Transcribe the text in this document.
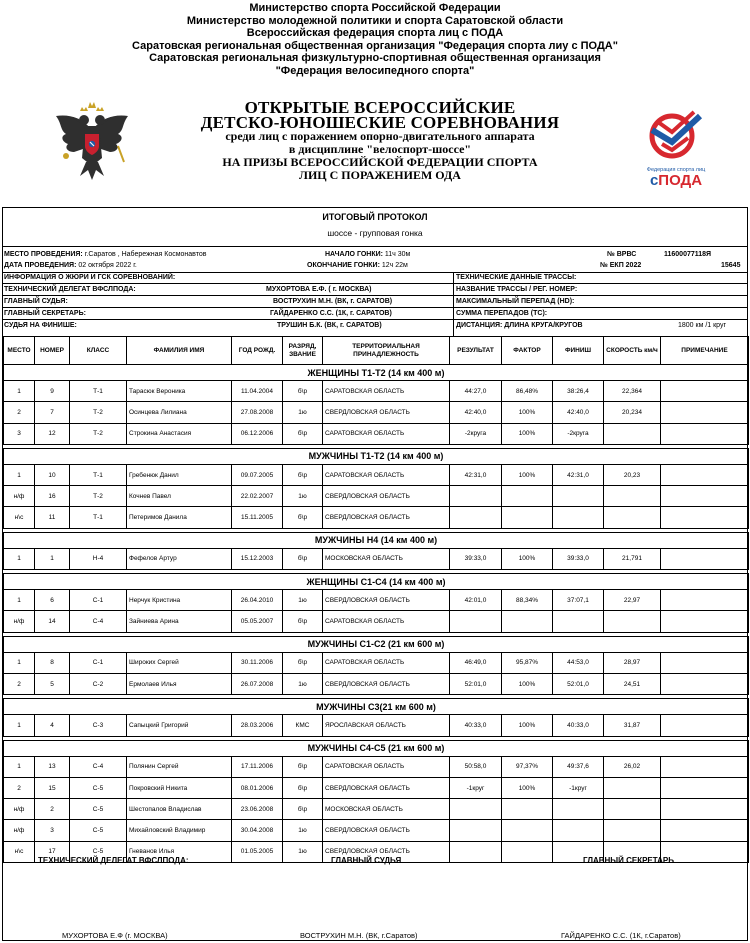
Министерство спорта Российской Федерации
Министерство молодежной политики и спорта Саратовской области
Всероссийская федерация спорта лиц с ПОДА
Саратовская региональная общественная организация "Федерация спорта лиу с ПОДА"
Саратовская региональная физкультурно-спортивная общественная организация
"Федерация велосипедного спорта"
ОТКРЫТЫЕ ВСЕРОССИЙСКИЕ
ДЕТСКО-ЮНОШЕСКИЕ СОРЕВНОВАНИЯ
среди лиц с поражением опорно-двигательного аппарата
в дисциплине "велоспорт-шоссе"
НА ПРИЗЫ ВСЕРОССИЙСКОЙ ФЕДЕРАЦИИ СПОРТА
ЛИЦ С ПОРАЖЕНИЕМ ОДА	Федерация спорта лиц
сПОДА
ИТОГОВЫЙ ПРОТОКОЛ
шоссе - групповая гонка
МЕСТО ПРОВЕДЕНИЯ: г.Саратов , Набережная Космонавтов
ДАТА ПРОВЕДЕНИЯ: 02 октября 2022 г.
НАЧАЛО ГОНКИ: 11ч 30м
ОКОНЧАНИЕ ГОНКИ: 12ч 22м
№ ВРВС	11600077118Я
№ ЕКП 2022	15645
ИНФОРМАЦИЯ О ЖЮРИ И ГСК СОРЕВНОВАНИЙ:	ТЕХНИЧЕСКИЕ ДАННЫЕ ТРАССЫ:
ТЕХНИЧЕСКИЙ ДЕЛЕГАТ ВФСЛПОДА:	МУХОРТОВА Е.Ф. ( г. МОСКВА)	НАЗВАНИЕ ТРАССЫ / РЕГ. НОМЕР:
ГЛАВНЫЙ СУДЬЯ:	ВОСТРУХИН М.Н. (ВК, г. САРАТОВ)	МАКСИМАЛЬНЫЙ ПЕРЕПАД (HD):
ГЛАВНЫЙ СЕКРЕТАРЬ:	ГАЙДАРЕНКО С.С. (1К, г. САРАТОВ)	СУММА ПЕРЕПАДОВ (ТС):
СУДЬЯ НА ФИНИШЕ:	ТРУШИН Б.К. (ВК, г. САРАТОВ)	ДИСТАНЦИЯ: ДЛИНА КРУГА/КРУГОВ	1800 км /1 круг
МЕСТО	НОМЕР	КЛАСС	ФАМИЛИЯ ИМЯ	ГОД РОЖД.	РАЗРЯД, ЗВАНИЕ	ТЕРРИТОРИАЛЬНАЯ ПРИНАДЛЕЖНОСТЬ	РЕЗУЛЬТАТ	ФАКТОР	ФИНИШ	СКОРОСТЬ км/ч	ПРИМЕЧАНИЕ
ЖЕНЩИНЫ Т1-Т2 (14 км 400 м)											
1	9	Т-1	Тарасюк Вероника	11.04.2004	б\р	САРАТОВСКАЯ ОБЛАСТЬ	44:27,0	86,48%	38:26,4	22,364	
2	7	Т-2	Осинцева Лилиана	27.08.2008	1ю	СВЕРДЛОВСКАЯ ОБЛАСТЬ	42:40,0	100%	42:40,0	20,234	
3	12	Т-2	Строкина Анастасия	06.12.2006	б\р	САРАТОВСКАЯ ОБЛАСТЬ	-2круга	100%	-2круга		

МУЖЧИНЫ Т1-Т2 (14 км 400 м)											
1	10	Т-1	Гребенюк Данил	09.07.2005	б\р	САРАТОВСКАЯ ОБЛАСТЬ	42:31,0	100%	42:31,0	20,23	
н/ф	16	Т-2	Кочнев Павел	22.02.2007	1ю	СВЕРДЛОВСКАЯ ОБЛАСТЬ					
н\с	11	Т-1	Петеримов Данила	15.11.2005	б\р	СВЕРДЛОВСКАЯ ОБЛАСТЬ					

МУЖЧИНЫ Н4 (14 км 400 м)											
1	1	Н-4	Фефелов Артур	15.12.2003	б\р	МОСКОВСКАЯ ОБЛАСТЬ	39:33,0	100%	39:33,0	21,791	

ЖЕНЩИНЫ С1-С4 (14 км 400 м)											
1	6	С-1	Нерчук Кристина	26.04.2010	1ю	СВЕРДЛОВСКАЯ ОБЛАСТЬ	42:01,0	88,34%	37:07,1	22,97	
н/ф	14	С-4	Зайниева Арина	05.05.2007	б\р	САРАТОВСКАЯ ОБЛАСТЬ					

МУЖЧИНЫ С1-С2 (21 км 600 м)											
1	8	С-1	Широких Сергей	30.11.2006	б\р	САРАТОВСКАЯ ОБЛАСТЬ	46:49,0	95,87%	44:53,0	28,97	
2	5	С-2	Ермолаев Илья	26.07.2008	1ю	СВЕРДЛОВСКАЯ ОБЛАСТЬ	52:01,0	100%	52:01,0	24,51	

МУЖЧИНЫ С3(21 км 600 м)											
1	4	С-3	Сапыцкий Григорий	28.03.2006	КМС	ЯРОСЛАВСКАЯ ОБЛАСТЬ	40:33,0	100%	40:33,0	31,87	

МУЖЧИНЫ С4-С5 (21 км 600 м)											
1	13	С-4	Полянин Сергей	17.11.2006	б\р	САРАТОВСКАЯ ОБЛАСТЬ	50:58,0	97,37%	49:37,6	26,02	
2	15	С-5	Покровский Никита	08.01.2006	б\р	СВЕРДЛОВСКАЯ ОБЛАСТЬ	-1круг	100%	-1круг		
н/ф	2	С-5	Шестопалов Владислав	23.06.2008	б\р	МОСКОВСКАЯ ОБЛАСТЬ					
н/ф	3	С-5	Михайловский Владимир	30.04.2008	1ю	СВЕРДЛОВСКАЯ ОБЛАСТЬ					
н\с	17	С-5	Гневанов Илья	01.05.2005	1ю	СВЕРДЛОВСКАЯ ОБЛАСТЬ					
ТЕХНИЧЕСКИЙ ДЕЛЕГАТ ВФСЛПОДА:	ГЛАВНЫЙ СУДЬЯ	ГЛАВНЫЙ СЕКРЕТАРЬ
МУХОРТОВА Е.Ф (г. МОСКВА)	ВОСТРУХИН М.Н. (ВК, г.Саратов)	ГАЙДАРЕНКО С.С. (1К, г.Саратов)
